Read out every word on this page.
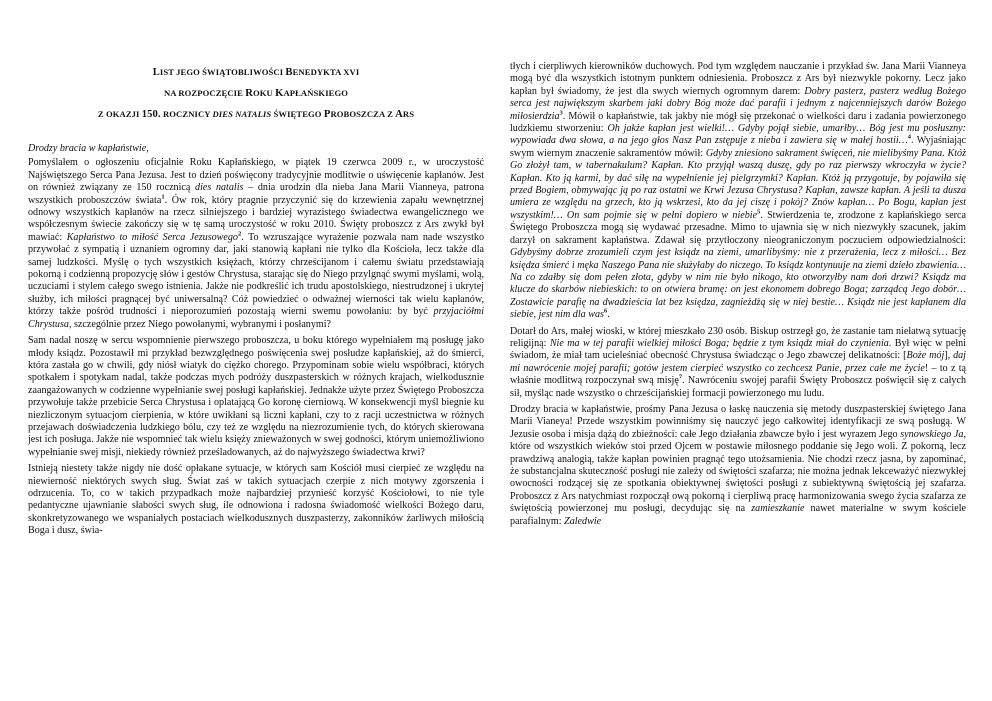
LIST JEGO ŚWIĄTOBLIWOŚCI BENEDYKTA XVI
NA ROZPOCZĘCIE ROKU KAPŁAŃSKIEGO
Z OKAZJI 150. ROCZNICY DIES NATALIS ŚWIĘTEGO PROBOSZCZA Z ARS
Drodzy bracia w kapłaństwie,

Pomyślałem o ogłoszeniu oficjalnie Roku Kapłańskiego, w piątek 19 czerwca 2009 r., w uroczystość Najświętszego Serca Pana Jezusa. Jest to dzień poświęcony tradycyjnie modlitwie o uświęcenie kapłanów. Jest on również związany ze 150 rocznicą dies natalis – dnia urodzin dla nieba Jana Marii Vianneya, patrona wszystkich proboszczów świata$^1$. Ów rok, który pragnie przyczynić się do krzewienia zapału wewnętrznej odnowy wszystkich kapłanów na rzecz silniejszego i bardziej wyrazistego świadectwa ewangelicznego we współczesnym świecie zakończy się w tę samą uroczystość w roku 2010. Święty proboszcz z Ars zwykł był mawiać: Kapłaństwo to miłość Serca Jezusowego$^2$. To wzruszające wyrażenie pozwala nam nade wszystko przywołać z sympatią i uznaniem ogromny dar, jaki stanowią kapłani nie tylko dla Kościoła, lecz także dla samej ludzkości. Myślę o tych wszystkich księżach, którzy chrześcijanom i całemu światu przedstawiają pokorną i codzienną propozycję słów i gestów Chrystusa, starając się do Niego przylgnąć swymi myślami, wolą, uczuciami i stylem całego swego istnienia. Jakże nie podkreślić ich trudu apostolskiego, niestrudzonej i ukrytej służby, ich miłości pragnącej być uniwersalną? Cóż powiedzieć o odważnej wierności tak wielu kapłanów, którzy także pośród trudności i nieporozumień pozostają wierni swemu powołaniu: by być przyjaciółmi Chrystusa, szczególnie przez Niego powołanymi, wybranymi i posłanymi?

Sam nadal noszę w sercu wspomnienie pierwszego proboszcza, u boku którego wypełniałem mą posługę jako młody ksiądz. Pozostawił mi przykład bezwzględnego poświęcenia swej posłudze kapłańskiej, aż do śmierci, która zastała go w chwili, gdy niósł wiatyk do ciężko chorego. Przypominam sobie wielu współbraci, których spotkałem i spotykam nadal, także podczas mych podróży duszpasterskich w różnych krajach, wielkodusznie zaangażowanych w codzienne wypełnianie swej posługi kapłańskiej. Jednakże użyte przez Świętego Proboszcza przywołuje także przebicie Serca Chrystusa i oplatającą Go koronę cierniową. W konsekwencji myśl biegnie ku niezliczonym sytuacjom cierpienia, w które uwikłani są liczni kapłani, czy to z racji uczestnictwa w różnych przejawach doświadczenia ludzkiego bólu, czy też ze względu na niezrozumienie tych, do których skierowana jest ich posługa. Jakże nie wspomnieć tak wielu księży znieważonych w swej godności, którym uniemożliwiono wypełnianie swej misji, niekiedy również prześladowanych, aż do najwyższego świadectwa krwi?

Istnieją niestety także nigdy nie dość opłakane sytuacje, w których sam Kościół musi cierpieć ze względu na niewierność niektórych swych sług. Świat zaś w takich sytuacjach czerpie z nich motywy zgorszenia i odrzucenia. To, co w takich przypadkach może najbardziej przynieść korzyść Kościołowi, to nie tyle pedantyczne ujawnianie słabości swych sług, ile odnowiona i radosna świadomość wielkości Bożego daru, skonkretyzowanego we wspaniałych postaciach wielkodusznych duszpasterzy, zakonników żarliwych miłością Boga i dusz, świa-

tłych i cierpliwych kierowników duchowych. Pod tym względem nauczanie i przykład św. Jana Marii Vianneya mogą być dla wszystkich istotnym punktem odniesienia. Proboszcz z Ars był niezwykle pokorny. Lecz jako kapłan był świadomy, że jest dla swych wiernych ogromnym darem: Dobry pasterz, pasterz według Bożego serca jest największym skarbem jaki dobry Bóg może dać parafii i jednym z najcenniejszych darów Bożego miłosierdzia$^3$. Mówił o kapłaństwie, tak jakby nie mógł się przekonać o wielkości daru i zadania powierzonego ludzkiemu stworzeniu: Oh jakże kapłan jest wielki!… Gdyby pojął siebie, umarłby… Bóg jest mu posłuszny: wypowiada dwa słowa, a na jego głos Nasz Pan zstępuje z nieba i zawiera się w małej hostii…$^4$. Wyjaśniając swym wiernym znaczenie sakramentów mówił: Gdyby zniesiono sakrament święceń, nie mielibyśmy Pana. Któż Go złożył tam, w tabernakulum? Kapłan. Kto przyjął waszą duszę, gdy po raz pierwszy wkroczyła w życie? Kapłan. Kto ją karmi, by dać siłę na wypełnienie jej pielgrzymki? Kapłan. Któż ją przygotuje, by pojawiła się przed Bogiem, obmywając ją po raz ostatni we Krwi Jezusa Chrystusa? Kapłan, zawsze kapłan. A jeśli ta dusza umiera ze względu na grzech, kto ją wskrzesi, kto da jej ciszę i pokój? Znów kapłan… Po Bogu, kapłan jest wszystkim!… On sam pojmie się w pełni dopiero w niebie$^5$. Stwierdzenia te, zrodzone z kapłańskiego serca Świętego Proboszcza mogą się wydawać przesadne. Mimo to ujawnia się w nich niezwykły szacunek, jakim darzył on sakrament kapłaństwa. Zdawał się przytłoczony nieograniczonym poczuciem odpowiedzialności: Gdybyśmy dobrze zrozumieli czym jest ksiądz na ziemi, umarlibyśmy: nie z przerażenia, lecz z miłości… Bez księdza śmierć i męka Naszego Pana nie służyłaby do niczego. To ksiądz kontynuuje na ziemi dzieło zbawienia… Na co zdałby się dom pełen złota, gdyby w nim nie było nikogo, kto otworzyłby nam doń drzwi? Ksiądz ma klucze do skarbów niebieskich: to on otwiera bramę: on jest ekonomem dobrego Boga; zarządcą Jego dobór… Zostawicie parafię na dwadzieścia lat bez księdza, zagnieżdżą się w niej bestie… Ksiądz nie jest kapłanem dla siebie, jest nim dla was$^6$.

Dotarł do Ars, małej wioski, w której mieszkało 230 osób. Biskup ostrzegł go, że zastanie tam niełatwą sytuację religijną: Nie ma w tej parafii wielkiej miłości Boga; będzie z tym ksiądz miał do czynienia. Był więc w pełni świadom, że miał tam ucieleśniać obecność Chrystusa świadcząc o Jego zbawczej delikatności: [Boże mój], daj mi nawrócenie mojej parafii; gotów jestem cierpieć wszystko co zechcesz Panie, przez całe me życie! – to z tą właśnie modlitwą rozpoczynał swą misję$^7$. Nawróceniu swojej parafii Święty Proboszcz poświęcił się z całych sił, myśląc nade wszystko o chrześcijańskiej formacji powierzonego mu ludu.

Drodzy bracia w kapłaństwie, prośmy Pana Jezusa o łaskę nauczenia się metody duszpasterskiej świętego Jana Marii Vianeya! Przede wszystkim powinniśmy się nauczyć jego całkowitej identyfikacji ze swą posługą. W Jezusie osoba i misja dążą do zbieżności: całe Jego działania zbawcze było i jest wyrazem Jego synowskiego Ja, które od wszystkich wieków stoi przed Ojcem w postawie miłosnego poddanie się Jego woli. Z pokorną, lecz prawdziwą analogią, także kapłan powinien pragnąć tego utożsamienia. Nie chodzi rzecz jasna, by zapominać, że substancjalna skuteczność posługi nie zależy od świętości szafarza; nie można jednak lekceważyć niezwykłej owocności rodzącej się ze spotkania obiektywnej świętości posługi z subiektywną świętością jej szafarza. Proboszcz z Ars natychmiast rozpoczął ową pokorną i cierpliwą pracę harmonizowania swego życia szafarza ze świętością powierzonej mu posługi, decydując się na zamieszkanie nawet materialne w swym kościele parafialnym: Zaledwie
